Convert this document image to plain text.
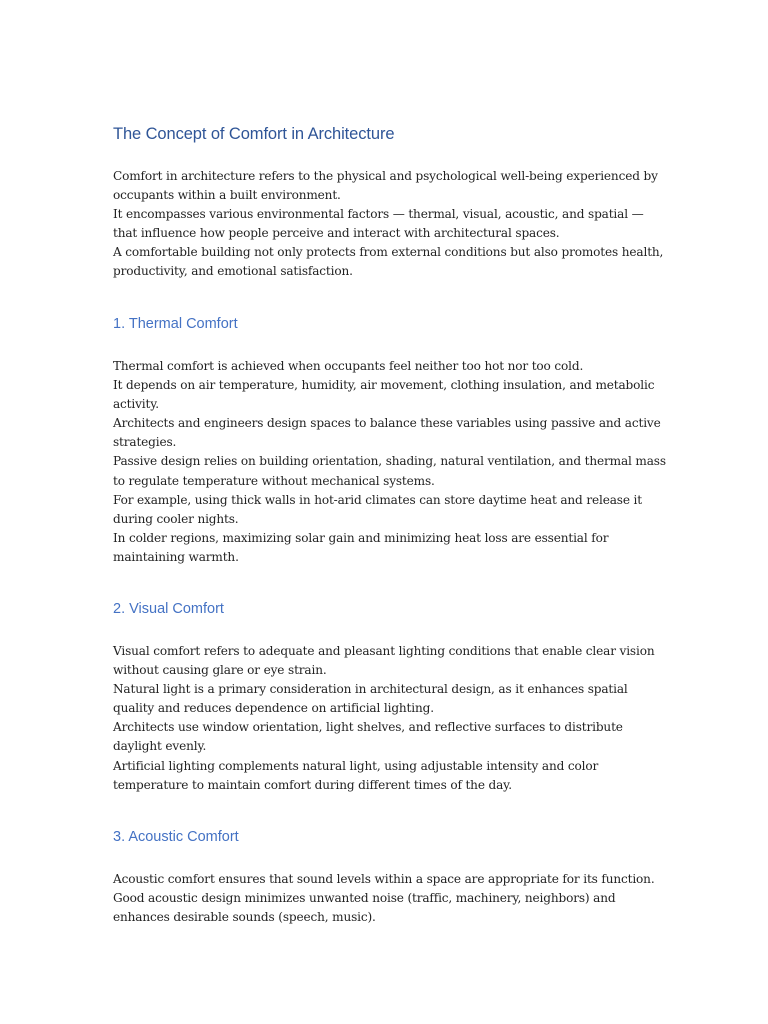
The Concept of Comfort in Architecture
Comfort in architecture refers to the physical and psychological well-being experienced by
occupants within a built environment.
It encompasses various environmental factors — thermal, visual, acoustic, and spatial —
that influence how people perceive and interact with architectural spaces.
A comfortable building not only protects from external conditions but also promotes health,
productivity, and emotional satisfaction.
1. Thermal Comfort
Thermal comfort is achieved when occupants feel neither too hot nor too cold.
It depends on air temperature, humidity, air movement, clothing insulation, and metabolic
activity.
Architects and engineers design spaces to balance these variables using passive and active
strategies.
Passive design relies on building orientation, shading, natural ventilation, and thermal mass
to regulate temperature without mechanical systems.
For example, using thick walls in hot-arid climates can store daytime heat and release it
during cooler nights.
In colder regions, maximizing solar gain and minimizing heat loss are essential for
maintaining warmth.
2. Visual Comfort
Visual comfort refers to adequate and pleasant lighting conditions that enable clear vision
without causing glare or eye strain.
Natural light is a primary consideration in architectural design, as it enhances spatial
quality and reduces dependence on artificial lighting.
Architects use window orientation, light shelves, and reflective surfaces to distribute
daylight evenly.
Artificial lighting complements natural light, using adjustable intensity and color
temperature to maintain comfort during different times of the day.
3. Acoustic Comfort
Acoustic comfort ensures that sound levels within a space are appropriate for its function.
Good acoustic design minimizes unwanted noise (traffic, machinery, neighbors) and
enhances desirable sounds (speech, music).
